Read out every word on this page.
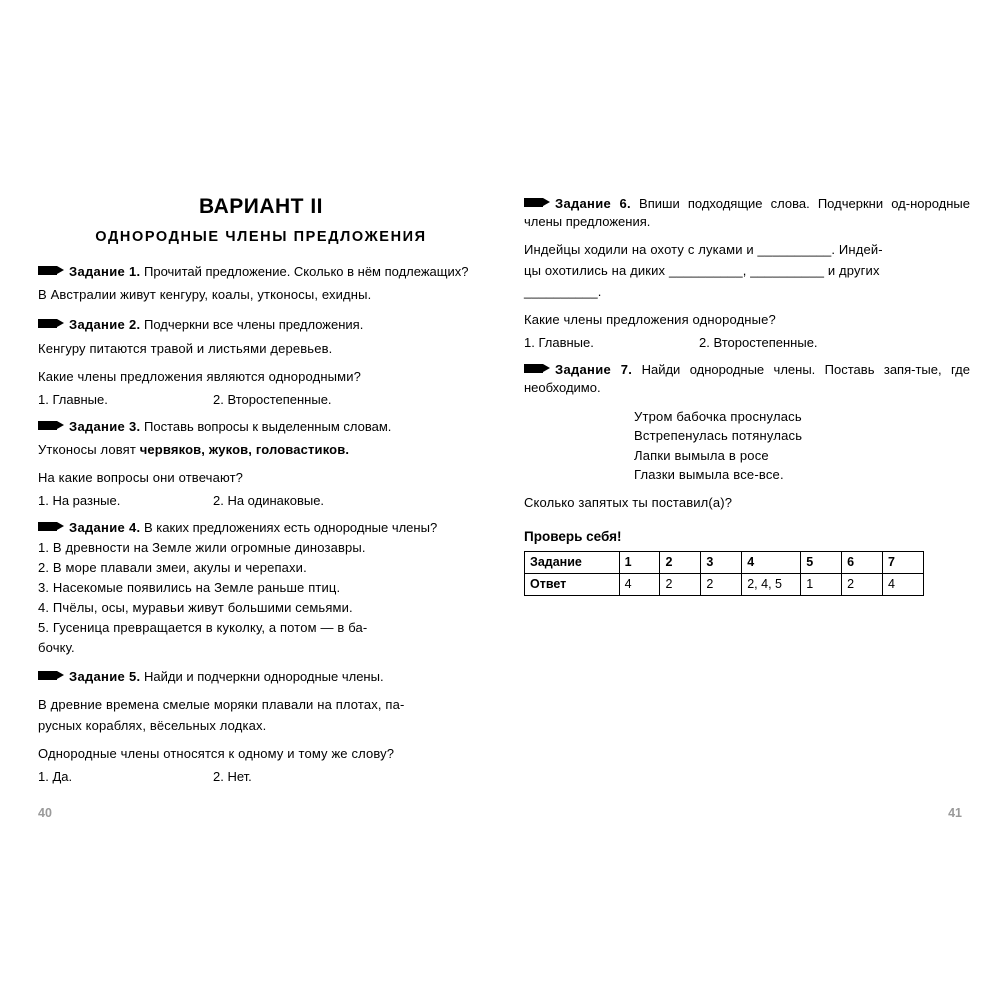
ВАРИАНТ II
ОДНОРОДНЫЕ ЧЛЕНЫ ПРЕДЛОЖЕНИЯ
Задание 1. Прочитай предложение. Сколько в нём подлежащих?
В Австралии живут кенгуру, коалы, утконосы, ехидны.
Задание 2. Подчеркни все члены предложения.
Кенгуру питаются травой и листьями деревьев.
Какие члены предложения являются однородными?
1. Главные.	2. Второстепенные.
Задание 3. Поставь вопросы к выделенным словам.
Утконосы ловят червяков, жуков, головастиков.
На какие вопросы они отвечают?
1. На разные.	2. На одинаковые.
Задание 4. В каких предложениях есть однородные члены?
1. В древности на Земле жили огромные динозавры.
2. В море плавали змеи, акулы и черепахи.
3. Насекомые появились на Земле раньше птиц.
4. Пчёлы, осы, муравьи живут большими семьями.
5. Гусеница превращается в куколку, а потом — в ба-
бочку.
Задание 5. Найди и подчеркни однородные члены.
В древние времена смелые моряки плавали на плотах, па-
русных кораблях, вёсельных лодках.
Однородные члены относятся к одному и тому же слову?
1. Да.	2. Нет.
Задание 6. Впиши подходящие слова. Подчеркни од-нородные члены предложения.
Индейцы ходили на охоту с луками и __________. Индей-
цы охотились на диких __________, __________ и других
__________.
Какие члены предложения однородные?
1. Главные.	2. Второстепенные.
Задание 7. Найди однородные члены. Поставь запя-тые, где необходимо.
Утром бабочка проснулась
Встрепенулась потянулась
Лапки вымыла в росе
Глазки вымыла все-все.
Сколько запятых ты поставил(а)?
Проверь себя!
Задание	1	2	3	4	5	6	7
Ответ	4	2	2	2, 4, 5	1	2	4
40	41
